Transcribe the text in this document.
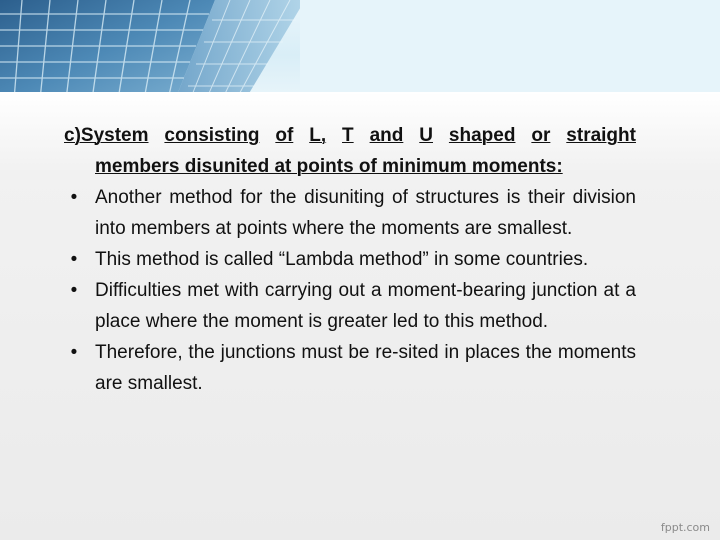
c)System consisting of L, T and U shaped or straight

members disunited at points of minimum moments:

• Another method for the disuniting of structures is their division into members at points where the moments are smallest.
• This method is called “Lambda method” in some countries.
• Difficulties met with carrying out a moment-bearing junction at a place where the moment is greater led to this method.
• Therefore, the junctions must be re-sited in places the moments are smallest.
fppt.com
